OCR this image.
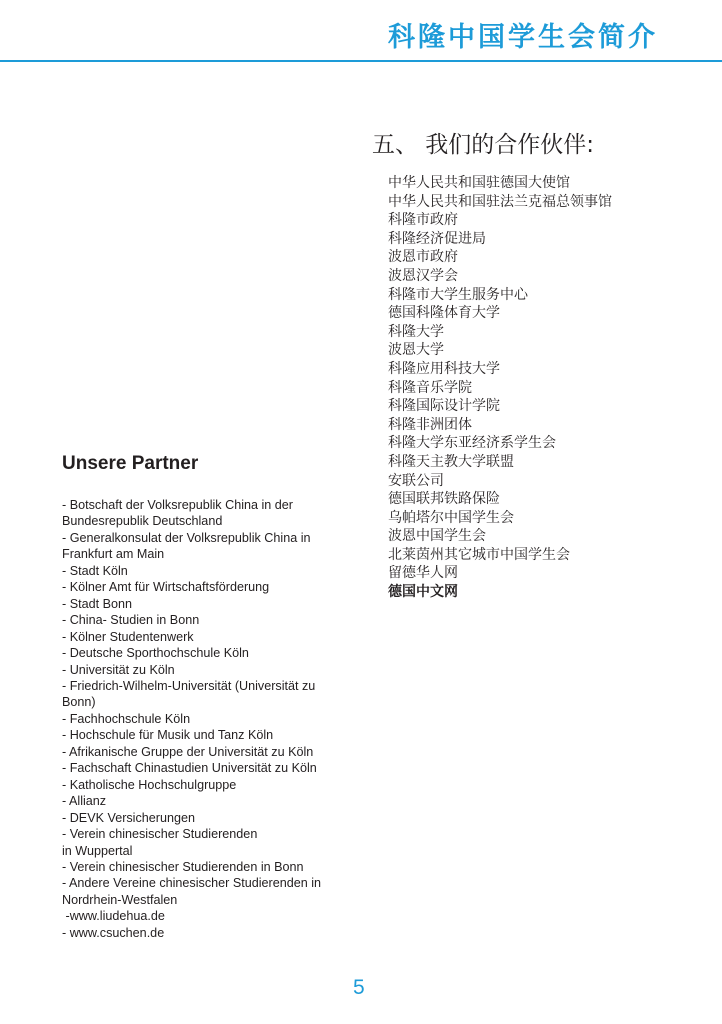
科隆中国学生会简介
五、 我们的合作伙伴:
中华人民共和国驻德国大使馆
中华人民共和国驻法兰克福总领事馆
科隆市政府
科隆经济促进局
波恩市政府
波恩汉学会
科隆市大学生服务中心
德国科隆体育大学
科隆大学
波恩大学
科隆应用科技大学
科隆音乐学院
科隆国际设计学院
科隆非洲团体
科隆大学东亚经济系学生会
科隆天主教大学联盟
安联公司
德国联邦铁路保险
乌帕塔尔中国学生会
波恩中国学生会
北莱茵州其它城市中国学生会
留德华人网
德国中文网
Unsere Partner
- Botschaft der Volksrepublik China in der
Bundesrepublik Deutschland
- Generalkonsulat der Volksrepublik China in
Frankfurt am Main
- Stadt Köln
- Kölner Amt für Wirtschaftsförderung
- Stadt Bonn
- China- Studien in Bonn
- Kölner Studentenwerk
- Deutsche Sporthochschule Köln
- Universität zu Köln
- Friedrich-Wilhelm-Universität (Universität zu
Bonn)
- Fachhochschule Köln
- Hochschule für Musik und Tanz Köln
- Afrikanische Gruppe der Universität zu Köln
- Fachschaft Chinastudien Universität zu Köln
- Katholische Hochschulgruppe
- Allianz
- DEVK Versicherungen
- Verein chinesischer Studierenden
in Wuppertal
- Verein chinesischer Studierenden in Bonn
- Andere Vereine chinesischer Studierenden in
Nordrhein-Westfalen
-www.liudehua.de
- www.csuchen.de
5
